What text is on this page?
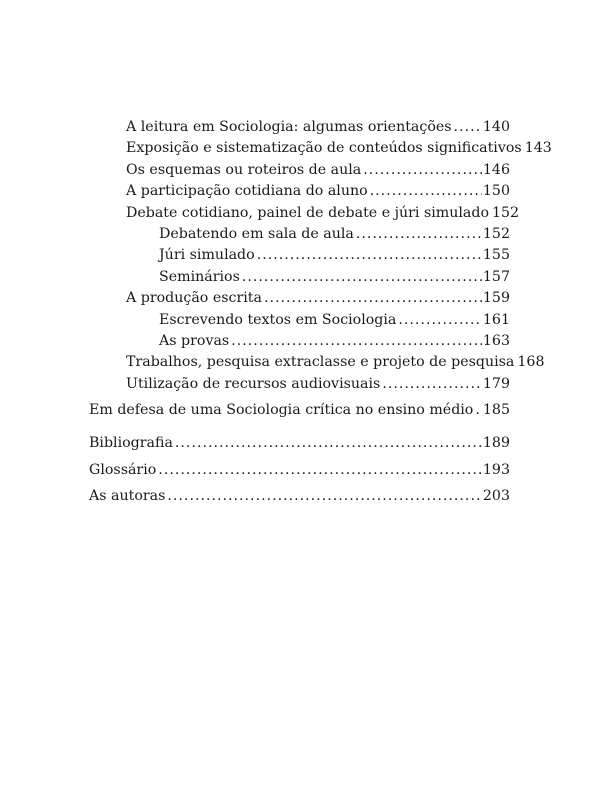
A leitura em Sociologia: algumas orientações ..... 140
Exposição e sistematização de conteúdos significativos 143
Os esquemas ou roteiros de aula .....	146
A participação cotidiana do aluno .....	150
Debate cotidiano, painel de debate e júri simulado 152
Debatendo em sala de aula .....	152
Júri simulado .....	155
Seminários .....	157
A produção escrita .....	159
Escrevendo textos em Sociologia .....	161
As provas .....	163
Trabalhos, pesquisa extraclasse e projeto de pesquisa 168
Utilização de recursos audiovisuais .....	179
Em defesa de uma Sociologia crítica no ensino médio ..... 185
Bibliografia .....	189
Glossário .....	193
As autoras .....	203
